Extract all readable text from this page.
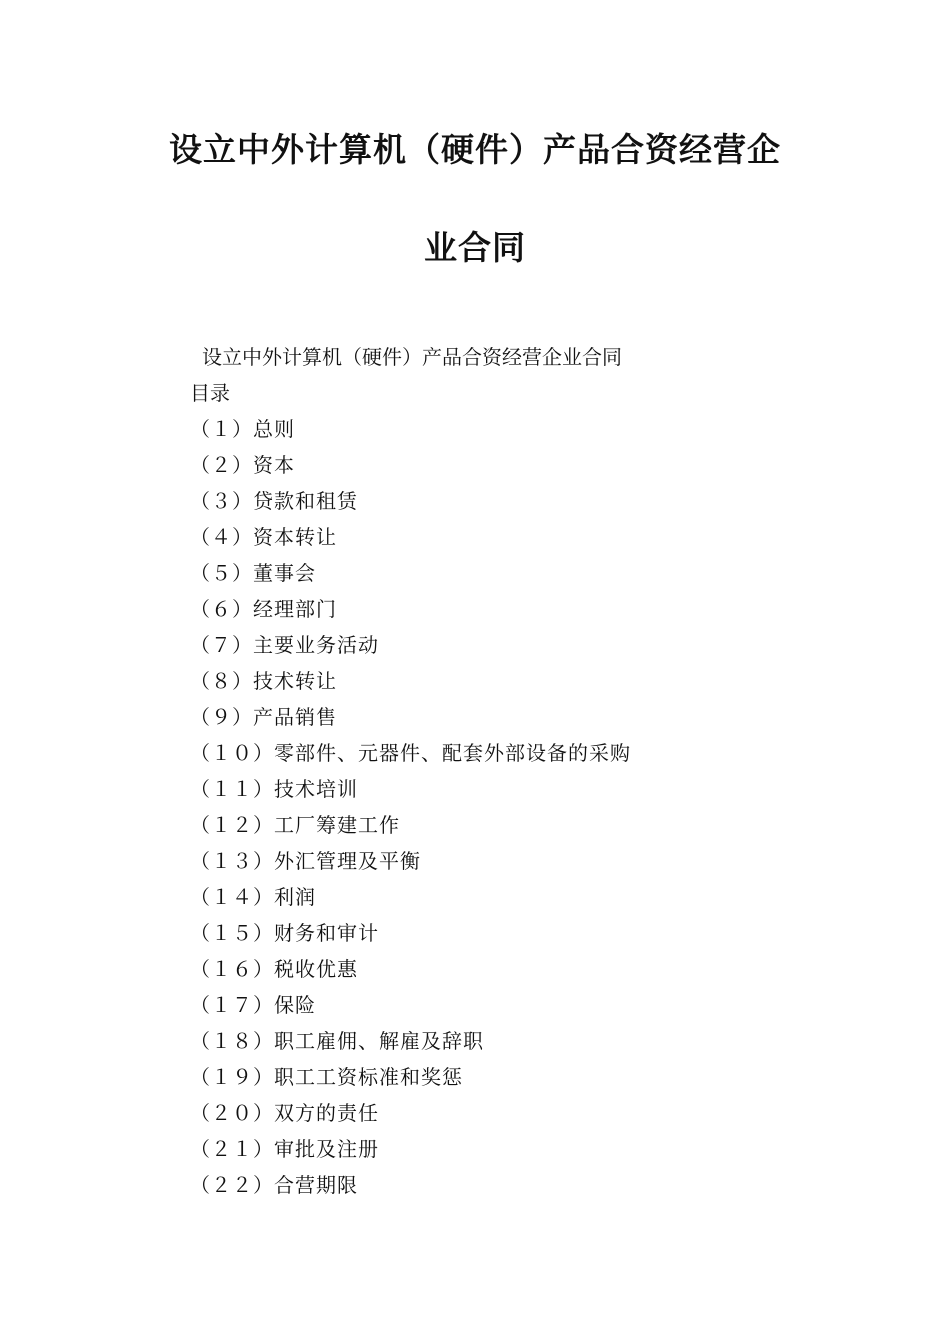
设立中外计算机（硬件）产品合资经营企
业合同
设立中外计算机（硬件）产品合资经营企业合同
目录
（１）总则
（２）资本
（３）贷款和租赁
（４）资本转让
（５）董事会
（６）经理部门
（７）主要业务活动
（８）技术转让
（９）产品销售
（１０）零部件、元器件、配套外部设备的采购
（１１）技术培训
（１２）工厂筹建工作
（１３）外汇管理及平衡
（１４）利润
（１５）财务和审计
（１６）税收优惠
（１７）保险
（１８）职工雇佣、解雇及辞职
（１９）职工工资标准和奖惩
（２０）双方的责任
（２１）审批及注册
（２２）合营期限
